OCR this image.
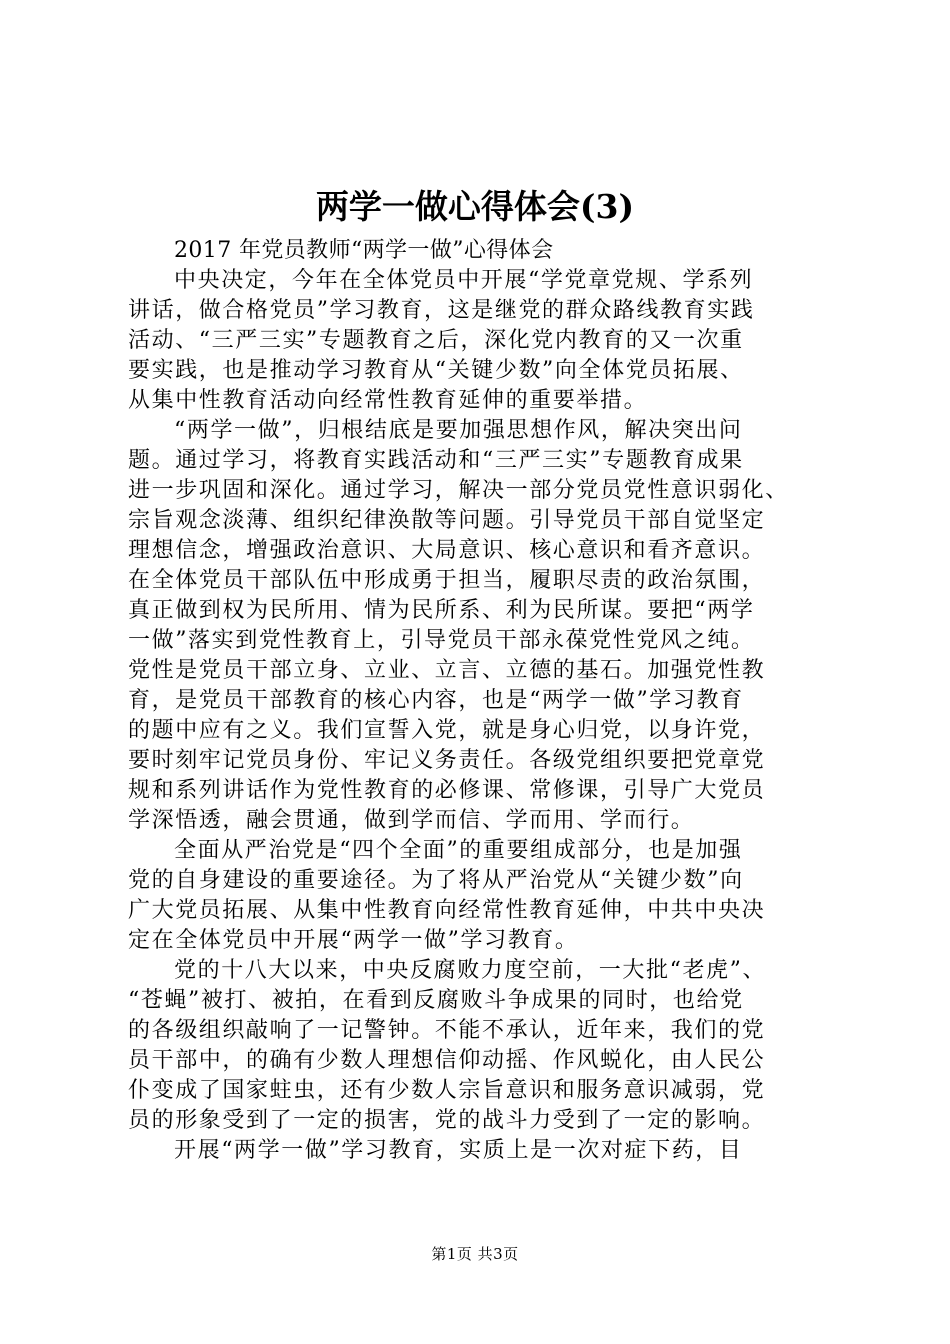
两学一做心得体会(3)
2017 年党员教师“两学一做”心得体会
中央决定，今年在全体党员中开展“学党章党规、学系列
讲话，做合格党员”学习教育，这是继党的群众路线教育实践
活动、“三严三实”专题教育之后，深化党内教育的又一次重
要实践，也是推动学习教育从“关键少数”向全体党员拓展、
从集中性教育活动向经常性教育延伸的重要举措。
“两学一做”，归根结底是要加强思想作风，解决突出问
题。通过学习，将教育实践活动和“三严三实”专题教育成果
进一步巩固和深化。通过学习，解决一部分党员党性意识弱化、
宗旨观念淡薄、组织纪律涣散等问题。引导党员干部自觉坚定
理想信念，增强政治意识、大局意识、核心意识和看齐意识。
在全体党员干部队伍中形成勇于担当，履职尽责的政治氛围，
真正做到权为民所用、情为民所系、利为民所谋。要把“两学
一做”落实到党性教育上，引导党员干部永葆党性党风之纯。
党性是党员干部立身、立业、立言、立德的基石。加强党性教
育，是党员干部教育的核心内容，也是“两学一做”学习教育
的题中应有之义。我们宣誓入党，就是身心归党，以身许党，
要时刻牢记党员身份、牢记义务责任。各级党组织要把党章党
规和系列讲话作为党性教育的必修课、常修课，引导广大党员
学深悟透，融会贯通，做到学而信、学而用、学而行。
全面从严治党是“四个全面”的重要组成部分，也是加强
党的自身建设的重要途径。为了将从严治党从“关键少数”向
广大党员拓展、从集中性教育向经常性教育延伸，中共中央决
定在全体党员中开展“两学一做”学习教育。
党的十八大以来，中央反腐败力度空前，一大批“老虎”、
“苍蝇”被打、被拍，在看到反腐败斗争成果的同时，也给党
的各级组织敲响了一记警钟。不能不承认，近年来，我们的党
员干部中，的确有少数人理想信仰动摇、作风蜕化，由人民公
仆变成了国家蛀虫，还有少数人宗旨意识和服务意识减弱，党
员的形象受到了一定的损害，党的战斗力受到了一定的影响。
开展“两学一做”学习教育，实质上是一次对症下药，目
第1页 共3页
